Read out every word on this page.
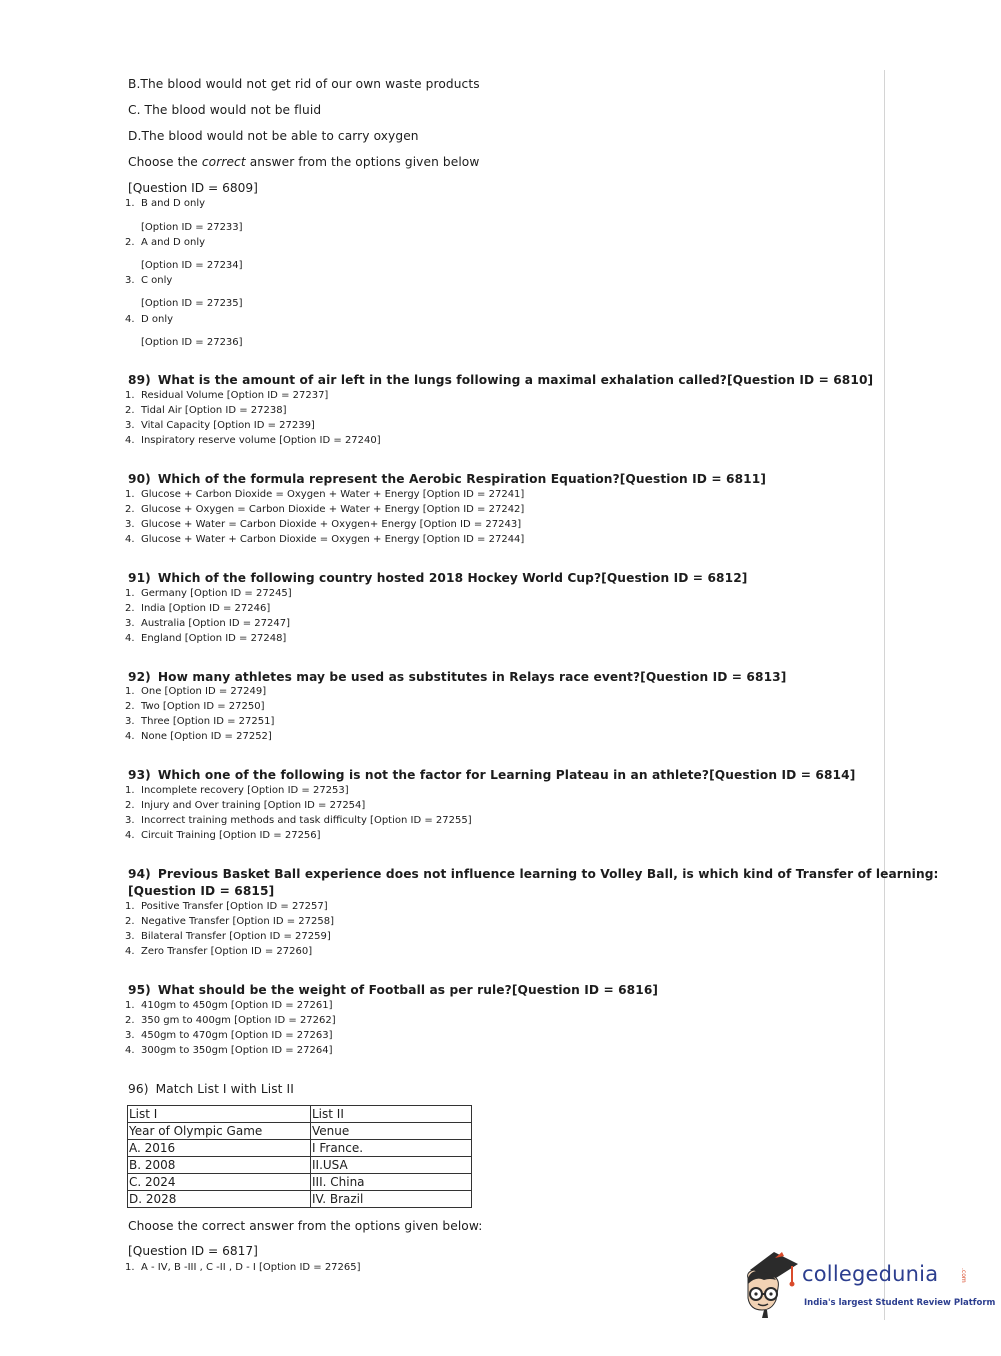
B.The blood would not get rid of our own waste products
C. The blood would not be fluid
D.The blood would not be able to carry oxygen
Choose the correct answer from the options given below
[Question ID = 6809]
1. B and D only
[Option ID = 27233]
2. A and D only
[Option ID = 27234]
3. C only
[Option ID = 27235]
4. D only
[Option ID = 27236]
89) What is the amount of air left in the lungs following a maximal exhalation called?[Question ID = 6810]
1. Residual Volume [Option ID = 27237]
2. Tidal Air [Option ID = 27238]
3. Vital Capacity [Option ID = 27239]
4. Inspiratory reserve volume [Option ID = 27240]
90) Which of the formula represent the Aerobic Respiration Equation?[Question ID = 6811]
1. Glucose + Carbon Dioxide = Oxygen + Water + Energy [Option ID = 27241]
2. Glucose + Oxygen = Carbon Dioxide + Water + Energy [Option ID = 27242]
3. Glucose + Water = Carbon Dioxide + Oxygen+ Energy [Option ID = 27243]
4. Glucose + Water + Carbon Dioxide = Oxygen + Energy [Option ID = 27244]
91) Which of the following country hosted 2018 Hockey World Cup?[Question ID = 6812]
1. Germany [Option ID = 27245]
2. India [Option ID = 27246]
3. Australia [Option ID = 27247]
4. England [Option ID = 27248]
92) How many athletes may be used as substitutes in Relays race event?[Question ID = 6813]
1. One [Option ID = 27249]
2. Two [Option ID = 27250]
3. Three [Option ID = 27251]
4. None [Option ID = 27252]
93) Which one of the following is not the factor for Learning Plateau in an athlete?[Question ID = 6814]
1. Incomplete recovery [Option ID = 27253]
2. Injury and Over training [Option ID = 27254]
3. Incorrect training methods and task difficulty [Option ID = 27255]
4. Circuit Training [Option ID = 27256]
94) Previous Basket Ball experience does not influence learning to Volley Ball, is which kind of Transfer of learning:
[Question ID = 6815]
1. Positive Transfer [Option ID = 27257]
2. Negative Transfer [Option ID = 27258]
3. Bilateral Transfer [Option ID = 27259]
4. Zero Transfer [Option ID = 27260]
95) What should be the weight of Football as per rule?[Question ID = 6816]
1. 410gm to 450gm [Option ID = 27261]
2. 350 gm to 400gm [Option ID = 27262]
3. 450gm to 470gm [Option ID = 27263]
4. 300gm to 350gm [Option ID = 27264]
96) Match List I with List II
List I	List II
Year of Olympic Game	Venue
A. 2016	I France.
B. 2008	II.USA
C. 2024	III. China
D. 2028	IV. Brazil
Choose the correct answer from the options given below:
[Question ID = 6817]
1. A - IV, B -III , C -II , D - I [Option ID = 27265]	collegedunia	.com
India's largest Student Review Platform
